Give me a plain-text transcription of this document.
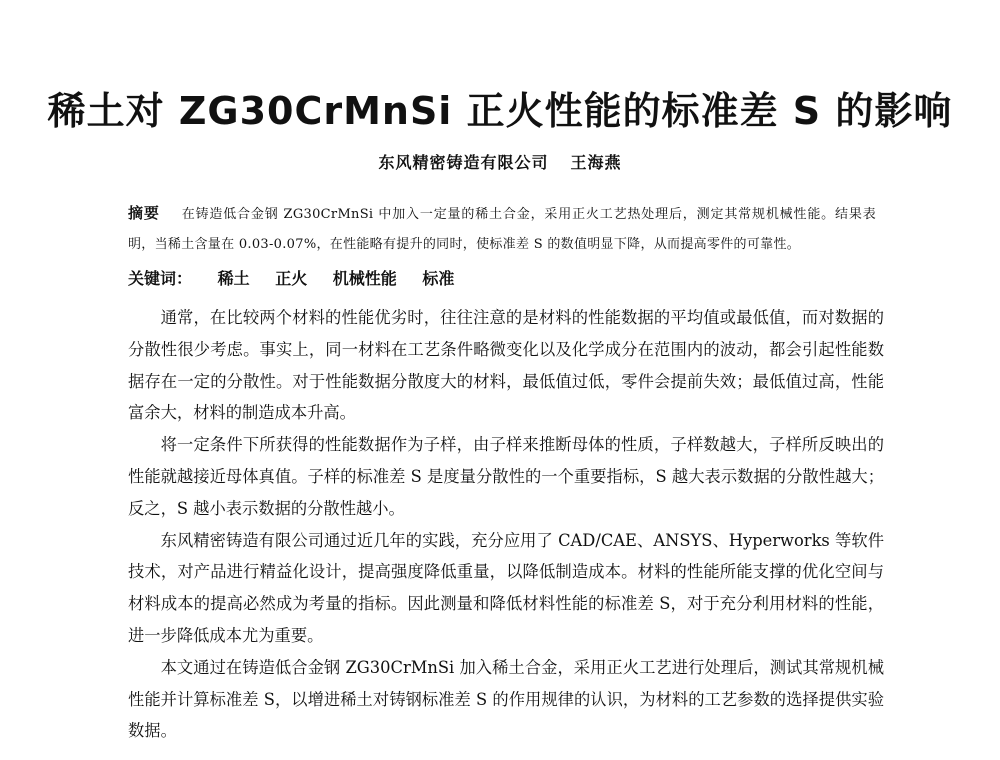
稀土对 ZG30CrMnSi 正火性能的标准差 S 的影响
东风精密铸造有限公司 王海燕
摘要 在铸造低合金钢 ZG30CrMnSi 中加入一定量的稀土合金，采用正火工艺热处理后，测定其常规机械性能。结果表明，当稀土含量在 0.03-0.07%，在性能略有提升的同时，使标准差 S 的数值明显下降，从而提高零件的可靠性。
关键词： 稀土 正火 机械性能 标准

通常，在比较两个材料的性能优劣时，往往注意的是材料的性能数据的平均值或最低值，而对数据的分散性很少考虑。事实上，同一材料在工艺条件略微变化以及化学成分在范围内的波动，都会引起性能数据存在一定的分散性。对于性能数据分散度大的材料，最低值过低，零件会提前失效；最低值过高，性能富余大，材料的制造成本升高。

将一定条件下所获得的性能数据作为子样，由子样来推断母体的性质，子样数越大，子样所反映出的性能就越接近母体真值。子样的标准差 S 是度量分散性的一个重要指标，S 越大表示数据的分散性越大；反之，S 越小表示数据的分散性越小。

东风精密铸造有限公司通过近几年的实践，充分应用了 CAD/CAE、ANSYS、Hyperworks 等软件技术，对产品进行精益化设计，提高强度降低重量，以降低制造成本。材料的性能所能支撑的优化空间与材料成本的提高必然成为考量的指标。因此测量和降低材料性能的标准差 S，对于充分利用材料的性能，进一步降低成本尤为重要。

本文通过在铸造低合金钢 ZG30CrMnSi 加入稀土合金，采用正火工艺进行处理后，测试其常规机械性能并计算标准差 S，以增进稀土对铸钢标准差 S 的作用规律的认识，为材料的工艺参数的选择提供实验数据。
